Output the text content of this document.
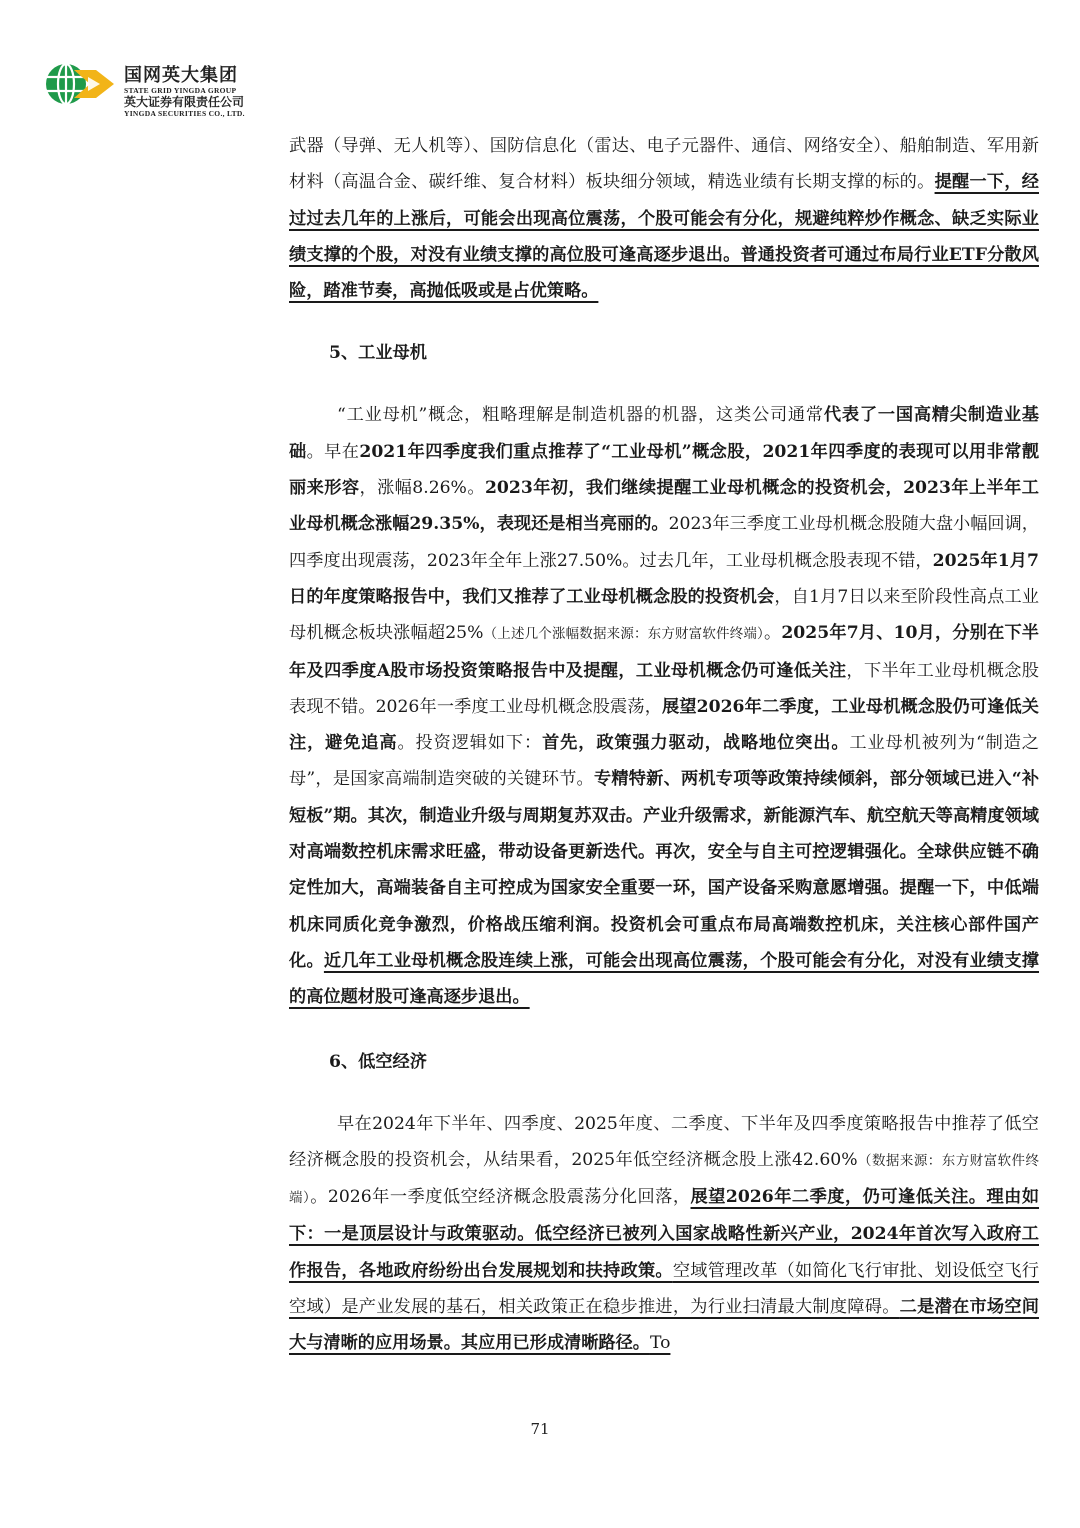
国网英大集团
STATE GRID YINGDA GROUP
英大证券有限责任公司
YINGDA SECURITIES CO., LTD.

武器（导弹、无人机等）、国防信息化（雷达、电子元器件、通信、网络安全）、船舶制造、军用新材料（高温合金、碳纤维、复合材料）板块细分领域，精选业绩有长期支撑的标的。提醒一下，经过过去几年的上涨后，可能会出现高位震荡，个股可能会有分化，规避纯粹炒作概念、缺乏实际业绩支撑的个股，对没有业绩支撑的高位股可逢高逐步退出。普通投资者可通过布局行业ETF分散风险，踏准节奏，高抛低吸或是占优策略。

5、工业母机

“工业母机”概念，粗略理解是制造机器的机器，这类公司通常代表了一国高精尖制造业基础。早在2021年四季度我们重点推荐了“工业母机”概念股，2021年四季度的表现可以用非常靓丽来形容，涨幅8.26%。2023年初，我们继续提醒工业母机概念的投资机会，2023年上半年工业母机概念涨幅29.35%，表现还是相当亮丽的。2023年三季度工业母机概念股随大盘小幅回调，四季度出现震荡，2023年全年上涨27.50%。过去几年，工业母机概念股表现不错，2025年1月7日的年度策略报告中，我们又推荐了工业母机概念股的投资机会，自1月7日以来至阶段性高点工业母机概念板块涨幅超25%（上述几个涨幅数据来源：东方财富软件终端）。2025年7月、10月，分别在下半年及四季度A股市场投资策略报告中及提醒，工业母机概念仍可逢低关注，下半年工业母机概念股表现不错。2026年一季度工业母机概念股震荡，展望2026年二季度，工业母机概念股仍可逢低关注，避免追高。投资逻辑如下：首先，政策强力驱动，战略地位突出。工业母机被列为“制造之母”，是国家高端制造突破的关键环节。专精特新、两机专项等政策持续倾斜，部分领域已进入“补短板”期。其次，制造业升级与周期复苏双击。产业升级需求，新能源汽车、航空航天等高精度领域对高端数控机床需求旺盛，带动设备更新迭代。再次，安全与自主可控逻辑强化。全球供应链不确定性加大，高端装备自主可控成为国家安全重要一环，国产设备采购意愿增强。提醒一下，中低端机床同质化竞争激烈，价格战压缩利润。投资机会可重点布局高端数控机床，关注核心部件国产化。近几年工业母机概念股连续上涨，可能会出现高位震荡，个股可能会有分化，对没有业绩支撑的高位题材股可逢高逐步退出。

6、低空经济

早在2024年下半年、四季度、2025年度、二季度、下半年及四季度策略报告中推荐了低空经济概念股的投资机会，从结果看，2025年低空经济概念股上涨42.60%（数据来源：东方财富软件终端）。2026年一季度低空经济概念股震荡分化回落，展望2026年二季度，仍可逢低关注。理由如下：一是顶层设计与政策驱动。低空经济已被列入国家战略性新兴产业，2024年首次写入政府工作报告，各地政府纷纷出台发展规划和扶持政策。空域管理改革（如简化飞行审批、划设低空飞行空域）是产业发展的基石，相关政策正在稳步推进，为行业扫清最大制度障碍。二是潜在市场空间大与清晰的应用场景。其应用已形成清晰路径。To

71
